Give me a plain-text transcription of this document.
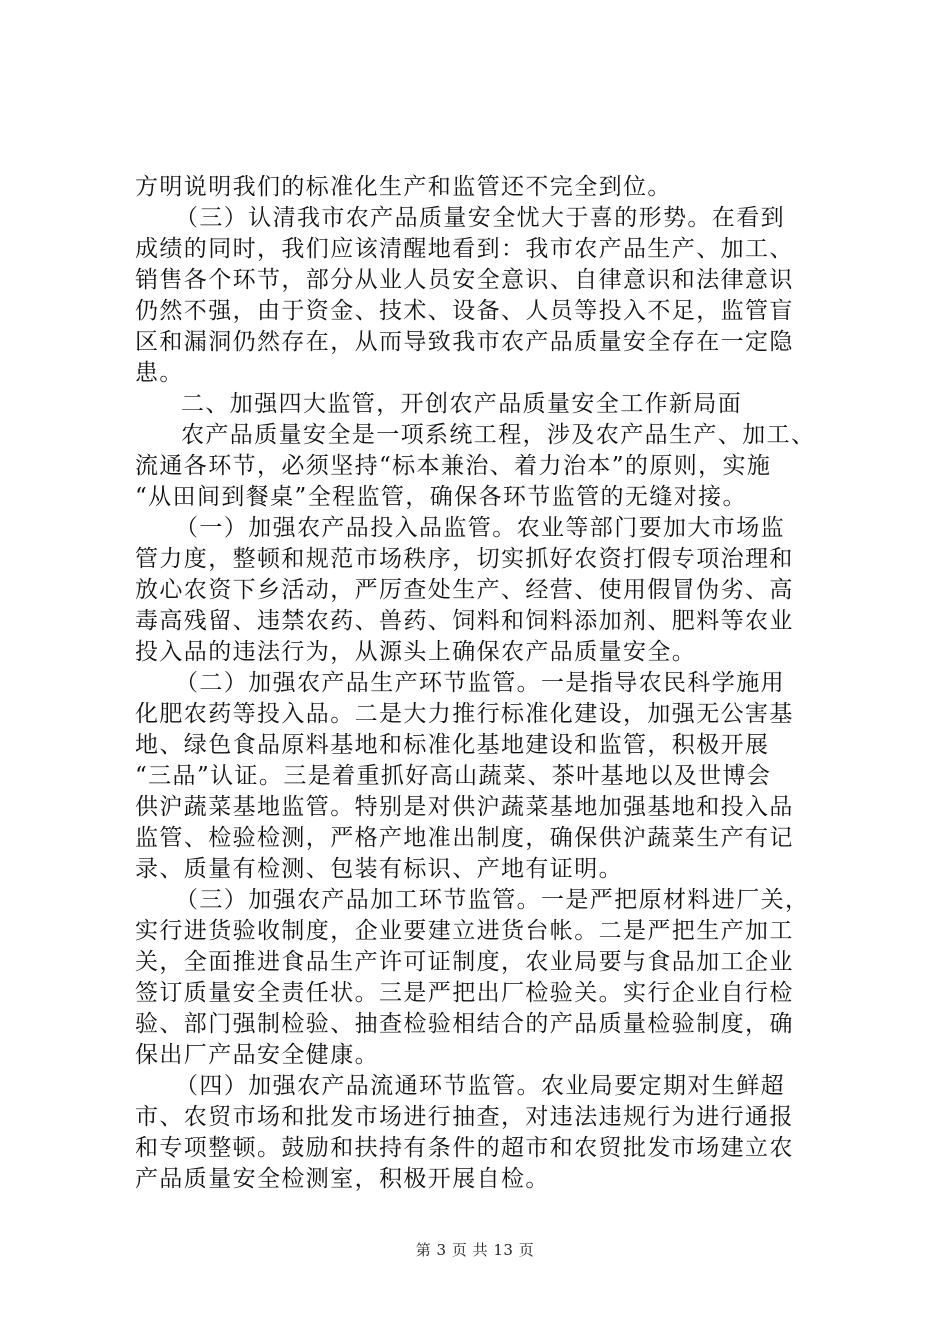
方明说明我们的标准化生产和监管还不完全到位。
（三）认清我市农产品质量安全忧大于喜的形势。在看到
成绩的同时，我们应该清醒地看到：我市农产品生产、加工、
销售各个环节，部分从业人员安全意识、自律意识和法律意识
仍然不强，由于资金、技术、设备、人员等投入不足，监管盲
区和漏洞仍然存在，从而导致我市农产品质量安全存在一定隐
患。
二、加强四大监管，开创农产品质量安全工作新局面
农产品质量安全是一项系统工程，涉及农产品生产、加工、
流通各环节，必须坚持“标本兼治、着力治本”的原则，实施
“从田间到餐桌”全程监管，确保各环节监管的无缝对接。
（一）加强农产品投入品监管。农业等部门要加大市场监
管力度，整顿和规范市场秩序，切实抓好农资打假专项治理和
放心农资下乡活动，严厉查处生产、经营、使用假冒伪劣、高
毒高残留、违禁农药、兽药、饲料和饲料添加剂、肥料等农业
投入品的违法行为，从源头上确保农产品质量安全。
（二）加强农产品生产环节监管。一是指导农民科学施用
化肥农药等投入品。二是大力推行标准化建设，加强无公害基
地、绿色食品原料基地和标准化基地建设和监管，积极开展
“三品”认证。三是着重抓好高山蔬菜、茶叶基地以及世博会
供沪蔬菜基地监管。特别是对供沪蔬菜基地加强基地和投入品
监管、检验检测，严格产地准出制度，确保供沪蔬菜生产有记
录、质量有检测、包装有标识、产地有证明。
（三）加强农产品加工环节监管。一是严把原材料进厂关，
实行进货验收制度，企业要建立进货台帐。二是严把生产加工
关，全面推进食品生产许可证制度，农业局要与食品加工企业
签订质量安全责任状。三是严把出厂检验关。实行企业自行检
验、部门强制检验、抽查检验相结合的产品质量检验制度，确
保出厂产品安全健康。
（四）加强农产品流通环节监管。农业局要定期对生鲜超
市、农贸市场和批发市场进行抽查，对违法违规行为进行通报
和专项整顿。鼓励和扶持有条件的超市和农贸批发市场建立农
产品质量安全检测室，积极开展自检。
第 3 页 共 13 页
